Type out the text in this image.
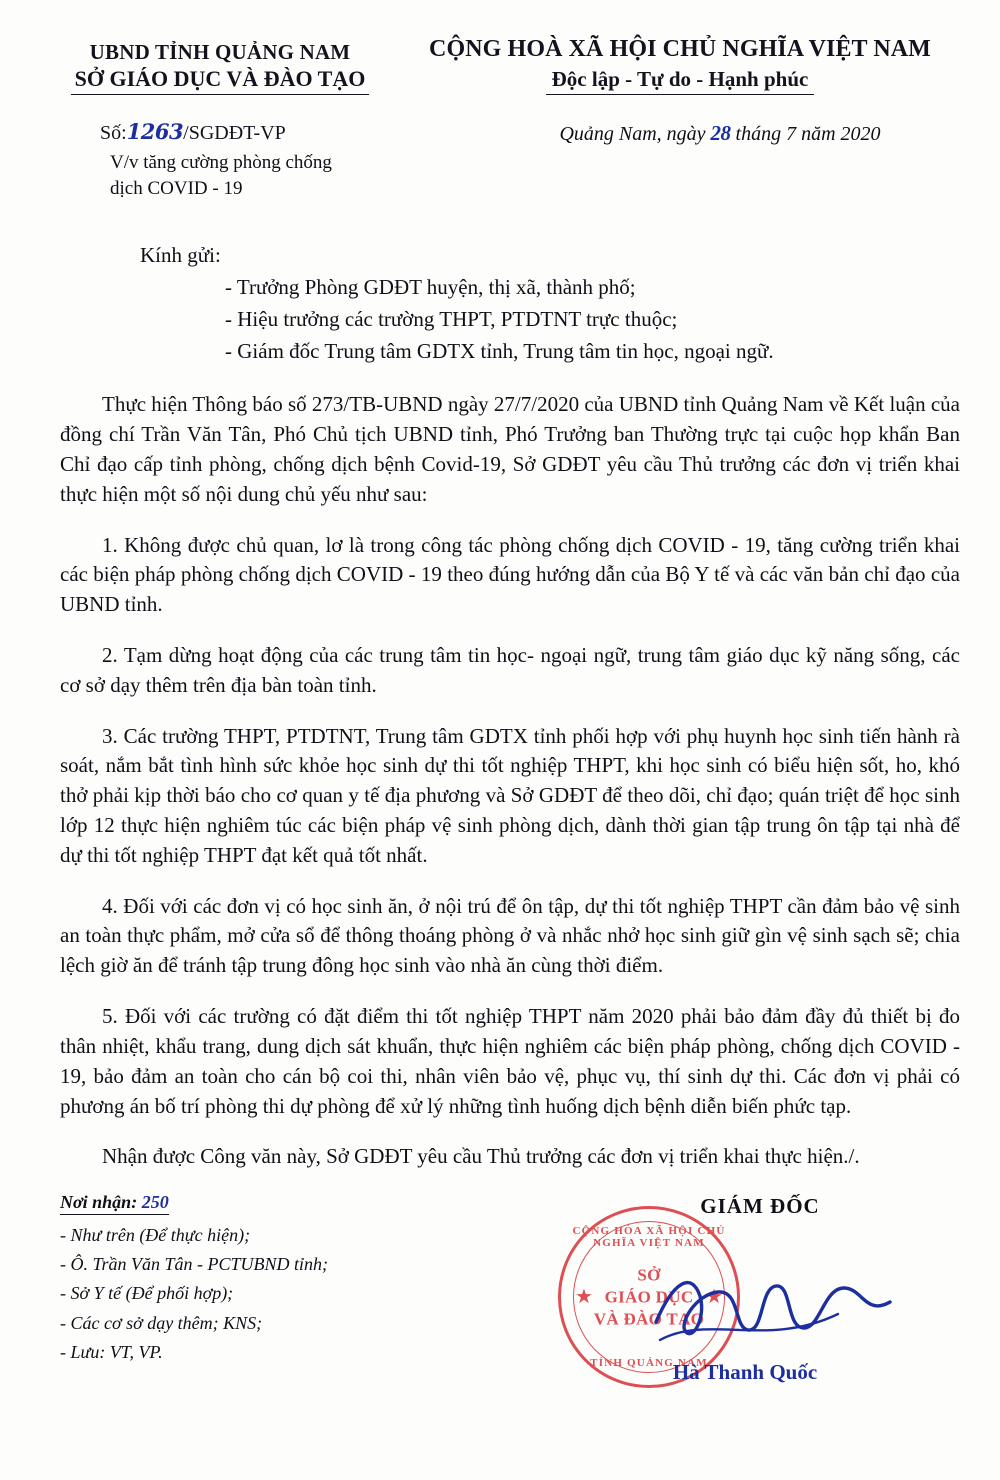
UBND TỈNH QUẢNG NAM
SỞ GIÁO DỤC VÀ ĐÀO TẠO
CỘNG HOÀ XÃ HỘI CHỦ NGHĨA VIỆT NAM
Độc lập - Tự do - Hạnh phúc
Số:1263/SGDĐT-VP
V/v tăng cường phòng chống
dịch COVID - 19
Quảng Nam, ngày 28 tháng 7 năm 2020
Kính gửi:
- Trưởng Phòng GDĐT huyện, thị xã, thành phố;
- Hiệu trưởng các trường THPT, PTDTNT trực thuộc;
- Giám đốc Trung tâm GDTX tỉnh, Trung tâm tin học, ngoại ngữ.

Thực hiện Thông báo số 273/TB-UBND ngày 27/7/2020 của UBND tỉnh Quảng Nam về Kết luận của đồng chí Trần Văn Tân, Phó Chủ tịch UBND tỉnh, Phó Trưởng ban Thường trực tại cuộc họp khẩn Ban Chỉ đạo cấp tỉnh phòng, chống dịch bệnh Covid-19, Sở GDĐT yêu cầu Thủ trưởng các đơn vị triển khai thực hiện một số nội dung chủ yếu như sau:

1. Không được chủ quan, lơ là trong công tác phòng chống dịch COVID - 19, tăng cường triển khai các biện pháp phòng chống dịch COVID - 19 theo đúng hướng dẫn của Bộ Y tế và các văn bản chỉ đạo của UBND tỉnh.

2. Tạm dừng hoạt động của các trung tâm tin học- ngoại ngữ, trung tâm giáo dục kỹ năng sống, các cơ sở dạy thêm trên địa bàn toàn tỉnh.

3. Các trường THPT, PTDTNT, Trung tâm GDTX tỉnh phối hợp với phụ huynh học sinh tiến hành rà soát, nắm bắt tình hình sức khỏe học sinh dự thi tốt nghiệp THPT, khi học sinh có biểu hiện sốt, ho, khó thở phải kịp thời báo cho cơ quan y tế địa phương và Sở GDĐT để theo dõi, chỉ đạo; quán triệt để học sinh lớp 12 thực hiện nghiêm túc các biện pháp vệ sinh phòng dịch, dành thời gian tập trung ôn tập tại nhà để dự thi tốt nghiệp THPT đạt kết quả tốt nhất.

4. Đối với các đơn vị có học sinh ăn, ở nội trú để ôn tập, dự thi tốt nghiệp THPT cần đảm bảo vệ sinh an toàn thực phẩm, mở cửa sổ để thông thoáng phòng ở và nhắc nhở học sinh giữ gìn vệ sinh sạch sẽ; chia lệch giờ ăn để tránh tập trung đông học sinh vào nhà ăn cùng thời điểm.

5. Đối với các trường có đặt điểm thi tốt nghiệp THPT năm 2020 phải bảo đảm đầy đủ thiết bị đo thân nhiệt, khẩu trang, dung dịch sát khuẩn, thực hiện nghiêm các biện pháp phòng, chống dịch COVID - 19, bảo đảm an toàn cho cán bộ coi thi, nhân viên bảo vệ, phục vụ, thí sinh dự thi. Các đơn vị phải có phương án bố trí phòng thi dự phòng để xử lý những tình huống dịch bệnh diễn biến phức tạp.

Nhận được Công văn này, Sở GDĐT yêu cầu Thủ trưởng các đơn vị triển khai thực hiện./.

Nơi nhận: 250
- Như trên (Để thực hiện);
- Ô. Trần Văn Tân - PCTUBND tỉnh;
- Sở Y tế (Để phối hợp);
- Các cơ sở dạy thêm; KNS;
- Lưu: VT, VP.
GIÁM ĐỐC
CỘNG HÒA XÃ HỘI CHỦ NGHĨA VIỆT NAM
TỈNH QUẢNG NAM
★	★
SỞ
GIÁO DỤC
VÀ ĐÀO TẠO
Hà Thanh Quốc
